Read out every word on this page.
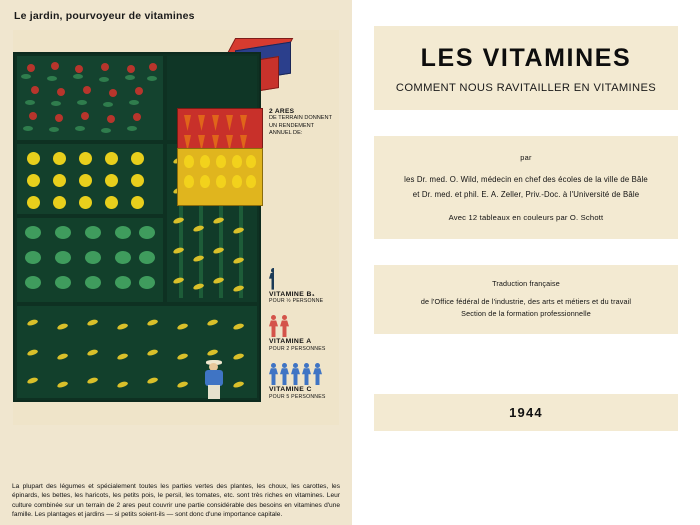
Le jardin, pourvoyeur de vitamines
2 ARES
DE TERRAIN DONNENT
UN RENDEMENT
ANNUEL DE:
VITAMINE B₁
POUR ½ PERSONNE
VITAMINE A
POUR 2 PERSONNES
VITAMINE C
POUR 5 PERSONNES
La plupart des légumes et spécialement toutes les parties vertes des plantes, les choux, les carottes, les épinards, les bettes, les haricots, les petits pois, le persil, les tomates, etc. sont très riches en vitamines. Leur culture combinée sur un terrain de 2 ares peut couvrir une partie considérable des besoins en vitamines d'une famille. Les plantages et jardins — si petits soient-ils — sont donc d'une importance capitale.
LES VITAMINES
COMMENT NOUS RAVITAILLER EN VITAMINES
par
les Dr. med. O. Wild, médecin en chef des écoles de la ville de Bâle
et Dr. med. et phil. E. A. Zeller, Priv.-Doc. à l'Université de Bâle
Avec 12 tableaux en couleurs par O. Schott
Traduction française
de l'Office fédéral de l'industrie, des arts et métiers et du travail
Section de la formation professionnelle
1944
